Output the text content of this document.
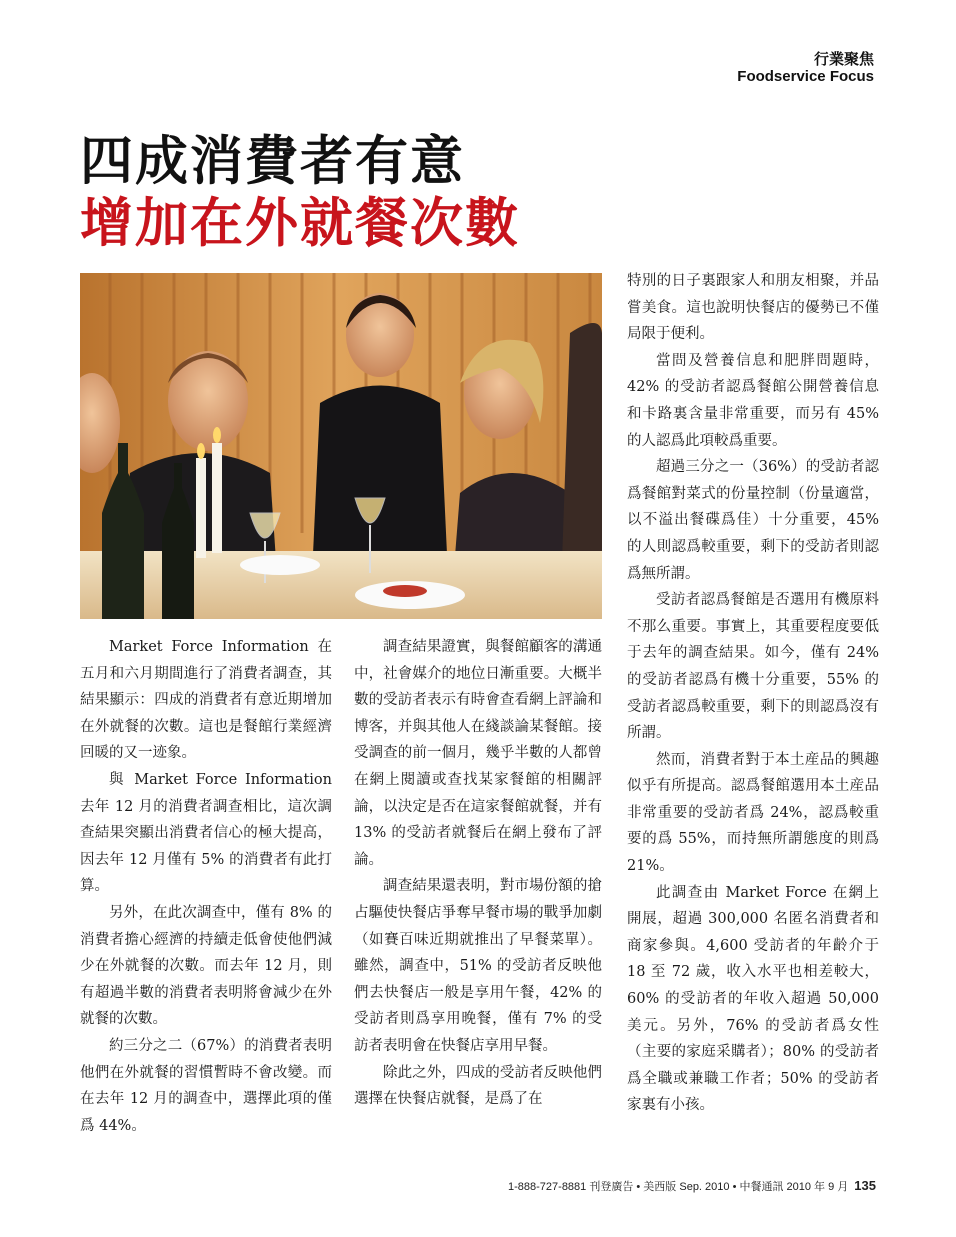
行業聚焦
Foodservice Focus
四成消費者有意
增加在外就餐次數

Market Force Information 在五月和六月期間進行了消費者調查，其結果顯示：四成的消費者有意近期增加在外就餐的次數。這也是餐館行業經濟回暖的又一迹象。

與 Market Force Information 去年 12 月的消費者調查相比，這次調查結果突顯出消費者信心的極大提高，因去年 12 月僅有 5% 的消費者有此打算。

另外，在此次調查中，僅有 8% 的消費者擔心經濟的持續走低會使他們減少在外就餐的次數。而去年 12 月，則有超過半數的消費者表明將會減少在外就餐的次數。

約三分之二（67%）的消費者表明他們在外就餐的習慣暫時不會改變。而在去年 12 月的調查中，選擇此項的僅爲 44%。

調查結果證實，與餐館顧客的溝通中，社會媒介的地位日漸重要。大概半數的受訪者表示有時會查看網上評論和博客，并與其他人在綫談論某餐館。接受調查的前一個月，幾乎半數的人都曾在網上閱讀或查找某家餐館的相關評論，以決定是否在這家餐館就餐，并有 13% 的受訪者就餐后在網上發布了評論。

調查結果還表明，對市場份額的搶占驅使快餐店爭奪早餐市場的戰爭加劇（如賽百味近期就推出了早餐菜單）。雖然，調查中，51% 的受訪者反映他們去快餐店一般是享用午餐，42% 的受訪者則爲享用晚餐，僅有 7% 的受訪者表明會在快餐店享用早餐。

除此之外，四成的受訪者反映他們選擇在快餐店就餐，是爲了在

特別的日子裏跟家人和朋友相聚，并品嘗美食。這也說明快餐店的優勢已不僅局限于便利。

當問及營養信息和肥胖問題時，42% 的受訪者認爲餐館公開營養信息和卡路裏含量非常重要，而另有 45% 的人認爲此項較爲重要。

超過三分之一（36%）的受訪者認爲餐館對菜式的份量控制（份量適當，以不溢出餐碟爲佳）十分重要，45% 的人則認爲較重要，剩下的受訪者則認爲無所謂。

受訪者認爲餐館是否選用有機原料不那么重要。事實上，其重要程度要低于去年的調查結果。如今，僅有 24% 的受訪者認爲有機十分重要，55% 的受訪者認爲較重要，剩下的則認爲沒有所謂。

然而，消費者對于本土産品的興趣似乎有所提高。認爲餐館選用本土産品非常重要的受訪者爲 24%，認爲較重要的爲 55%，而持無所謂態度的則爲 21%。

此調查由 Market Force 在網上開展，超過 300,000 名匿名消費者和商家參與。4,600 受訪者的年齡介于 18 至 72 歲，收入水平也相差較大，60% 的受訪者的年收入超過 50,000 美元。另外，76% 的受訪者爲女性（主要的家庭采購者）；80% 的受訪者爲全職或兼職工作者；50% 的受訪者家裏有小孩。

1-888-727-8881 刊登廣告 • 美西版 Sep. 2010 • 中餐通訊 2010 年 9 月 135
